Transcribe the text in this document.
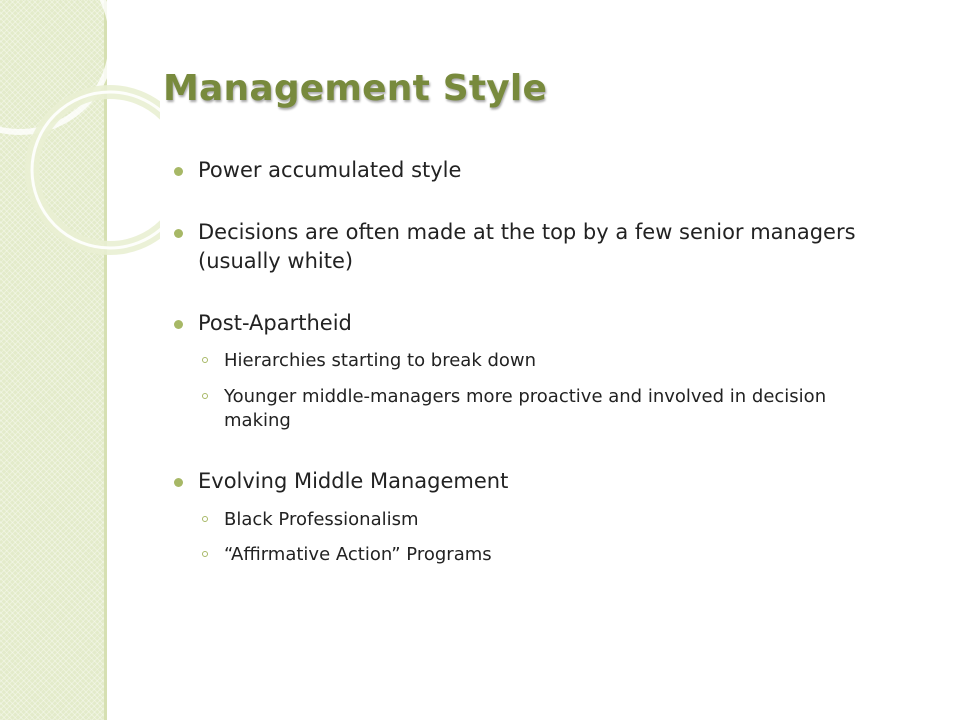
Management Style
Power accumulated style
Decisions are often made at the top by a few senior managers (usually white)
Post-Apartheid
Hierarchies starting to break down
Younger middle-managers more proactive and involved in decision making
Evolving Middle Management
Black Professionalism
“Affirmative Action” Programs
